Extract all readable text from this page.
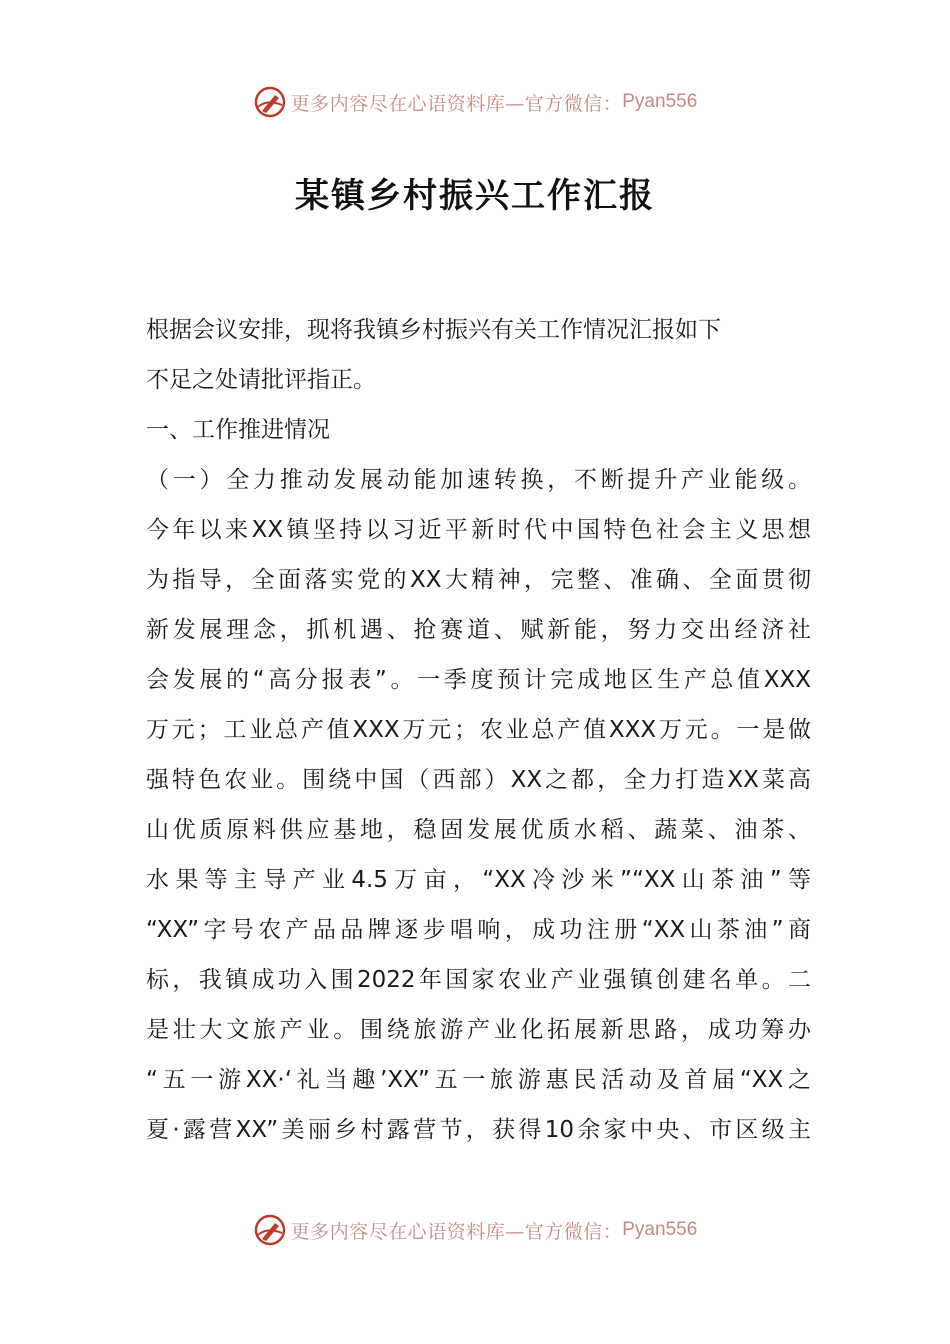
更多内容尽在心语资料库—官方微信： Pyan556
某镇乡村振兴工作汇报
根据会议安排，现将我镇乡村振兴有关工作情况汇报如下
不足之处请批评指正。
一、工作推进情况
（一）全力推动发展动能加速转换，不断提升产业能级。
今年以来XX镇坚持以习近平新时代中国特色社会主义思想
为指导，全面落实党的XX大精神，完整、准确、全面贯彻
新发展理念，抓机遇、抢赛道、赋新能，努力交出经济社
会发展的“高分报表”。一季度预计完成地区生产总值XXX
万元；工业总产值XXX万元；农业总产值XXX万元。一是做
强特色农业。围绕中国（西部）XX之都，全力打造XX菜高
山优质原料供应基地，稳固发展优质水稻、蔬菜、油茶、
水果等主导产业4.5万亩，“XX冷沙米”“XX山茶油”等
“XX”字号农产品品牌逐步唱响，成功注册“XX山茶油”商
标，我镇成功入围2022年国家农业产业强镇创建名单。二
是壮大文旅产业。围绕旅游产业化拓展新思路，成功筹办
“五一游XX·‘礼当趣’XX”五一旅游惠民活动及首届“XX之
夏·露营XX”美丽乡村露营节，获得10余家中央、市区级主
更多内容尽在心语资料库—官方微信： Pyan556
